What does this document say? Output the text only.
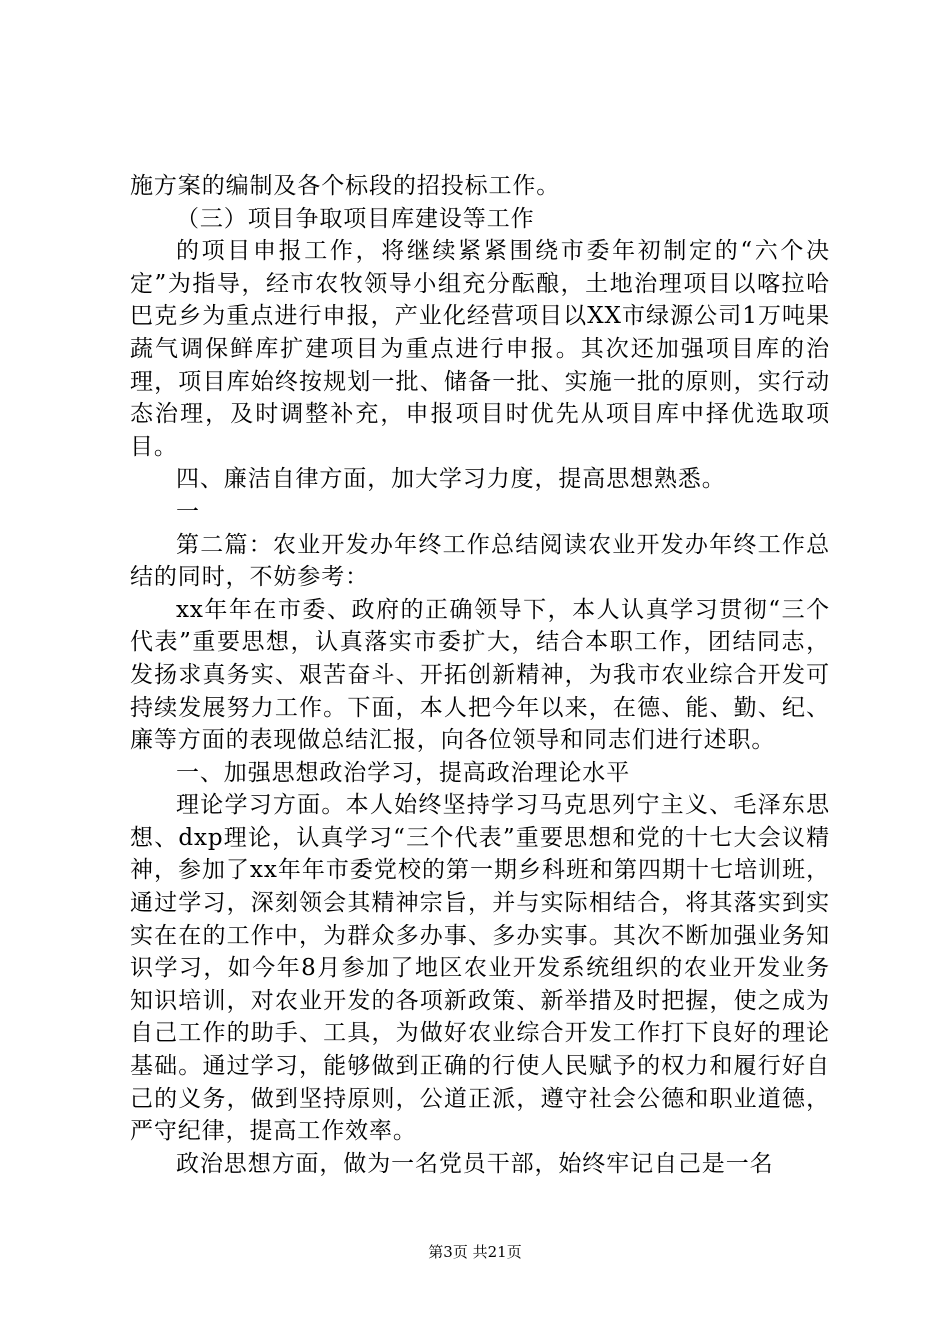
施方案的编制及各个标段的招投标工作。

（三）项目争取项目库建设等工作

的项目申报工作，将继续紧紧围绕市委年初制定的“六个决定”为指导，经市农牧领导小组充分酝酿，土地治理项目以喀拉哈巴克乡为重点进行申报，产业化经营项目以XX市绿源公司1万吨果蔬气调保鲜库扩建项目为重点进行申报。其次还加强项目库的治理，项目库始终按规划一批、储备一批、实施一批的原则，实行动态治理，及时调整补充，申报项目时优先从项目库中择优选取项目。

四、廉洁自律方面，加大学习力度，提高思想熟悉。

一

第二篇：农业开发办年终工作总结阅读农业开发办年终工作总结的同时，不妨参考：

xx年年在市委、政府的正确领导下，本人认真学习贯彻“三个代表”重要思想，认真落实市委扩大，结合本职工作，团结同志，发扬求真务实、艰苦奋斗、开拓创新精神，为我市农业综合开发可持续发展努力工作。下面，本人把今年以来，在德、能、勤、纪、廉等方面的表现做总结汇报，向各位领导和同志们进行述职。

一、加强思想政治学习，提高政治理论水平

理论学习方面。本人始终坚持学习马克思列宁主义、毛泽东思想、dxp理论，认真学习“三个代表”重要思想和党的十七大会议精神，参加了xx年年市委党校的第一期乡科班和第四期十七培训班，通过学习，深刻领会其精神宗旨，并与实际相结合，将其落实到实实在在的工作中，为群众多办事、多办实事。其次不断加强业务知识学习，如今年8月参加了地区农业开发系统组织的农业开发业务知识培训，对农业开发的各项新政策、新举措及时把握，使之成为自己工作的助手、工具，为做好农业综合开发工作打下良好的理论基础。通过学习，能够做到正确的行使人民赋予的权力和履行好自己的义务，做到坚持原则，公道正派，遵守社会公德和职业道德，严守纪律，提高工作效率。

政治思想方面，做为一名党员干部，始终牢记自己是一名

第3页 共21页
